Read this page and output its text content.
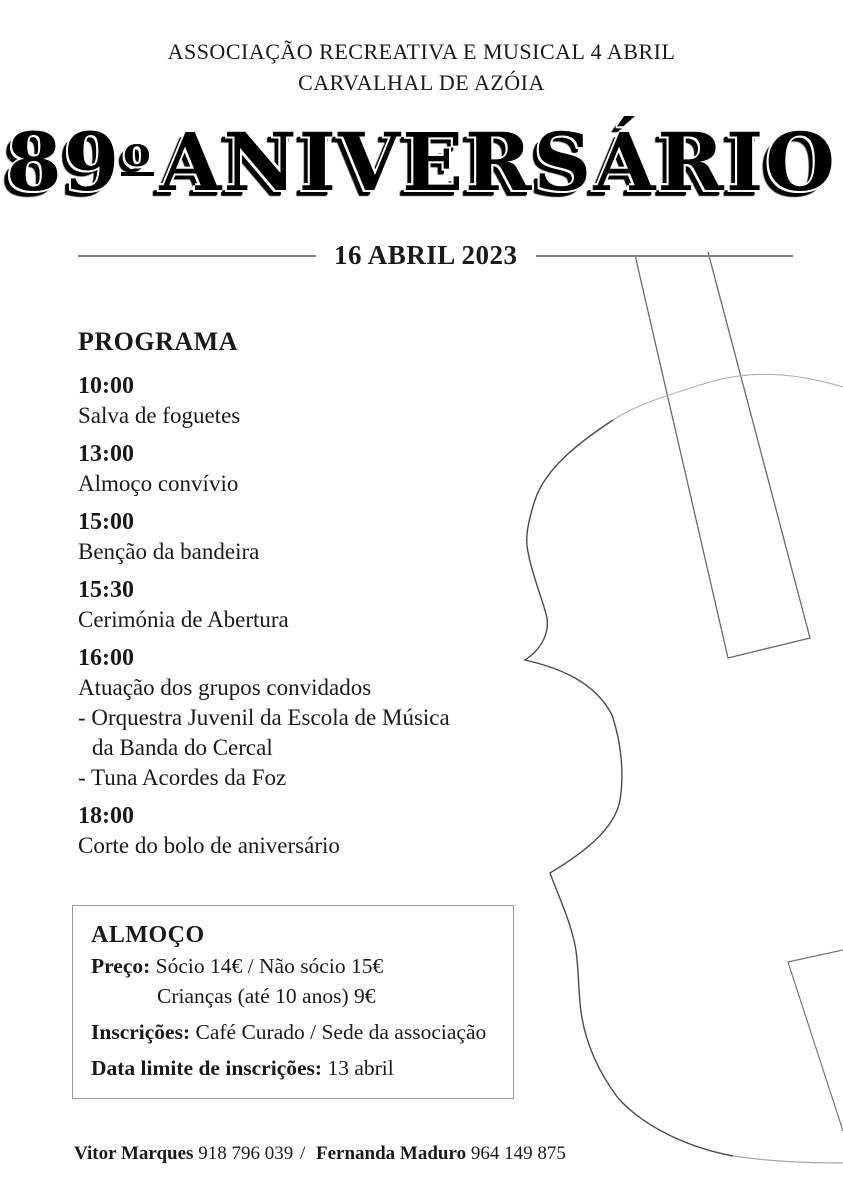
ASSOCIAÇÃO RECREATIVA E MUSICAL 4 ABRIL
CARVALHAL DE AZÓIA
89oANIVERSÁRIO
16 ABRIL 2023
PROGRAMA
10:00
Salva de foguetes
13:00
Almoço convívio
15:00
Benção da bandeira
15:30
Cerimónia de Abertura
16:00
Atuação dos grupos convidados
- Orquestra Juvenil da Escola de Música
da Banda do Cercal
- Tuna Acordes da Foz
18:00
Corte do bolo de aniversário
ALMOÇO
Preço: Sócio 14€ / Não sócio 15€
Crianças (até 10 anos) 9€
Inscrições: Café Curado / Sede da associação
Data limite de inscrições: 13 abril
Vitor Marques 918 796 039 / Fernanda Maduro 964 149 875
